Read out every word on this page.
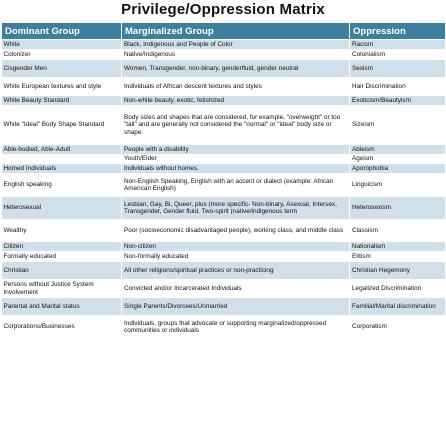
Privilege/Oppression Matrix
Dominant Group	Marginalized Group	Oppression
White	Black, Indigenous and People of Color	Racism
Colonizer	Native/Indigenous	Colonialism
Cisgender Men	Women, Transgender, non-binary, genderfluid, gender neutral	Sexism
White European textures and style	Individuals of African descent textures and styles	Hair Discrimination
White Beauty Standard	Non-white beauty, exotic, fetishized	Exoticism/Beautyism
White "Ideal" Body Shape Standard	Body sizes and shapes that are considered, for example, "overweight" or too "tall" and are generally not considered the "normal" or "ideal" body size or shape	Sizeism
Able-bodied, Able-Adult	People with a disability	Ableism
	Youth/Elder	Ageism
Homed Individuals	Individuals without homes.	Aporophobia
English speaking	Non-English Speaking, English with an accent or dialect (example: African American English)	Linguicism
Heterosexual	Lesbian, Gay, Bi, Queer, plus (more specific- Non-binary, Asexual, Intersex, Transgender, Gender fluid, Two-spirit (native/indigenous term	Heterosexism
Wealthy	Poor (socioeconomic disadvantaged people), working class, and middle class	Classism
Citizen	Non-citizen	Nationalism
Formally educated	Non-formally educated	Elitism
Christian	All other religions/spiritual practices or non-practicing	Christian Hegemony
Persons without Justice System Involvement	Convicted and/or Incarcerated Individuals	Legalized Discrimination
Parental and Marital status	Single Parents/Divorcees/Unmarried	Familial/Marital discrimination
Corporations/Businesses	Individuals, groups that advocate or supporting marginalized/oppressed communities or individuals	Corporatism
